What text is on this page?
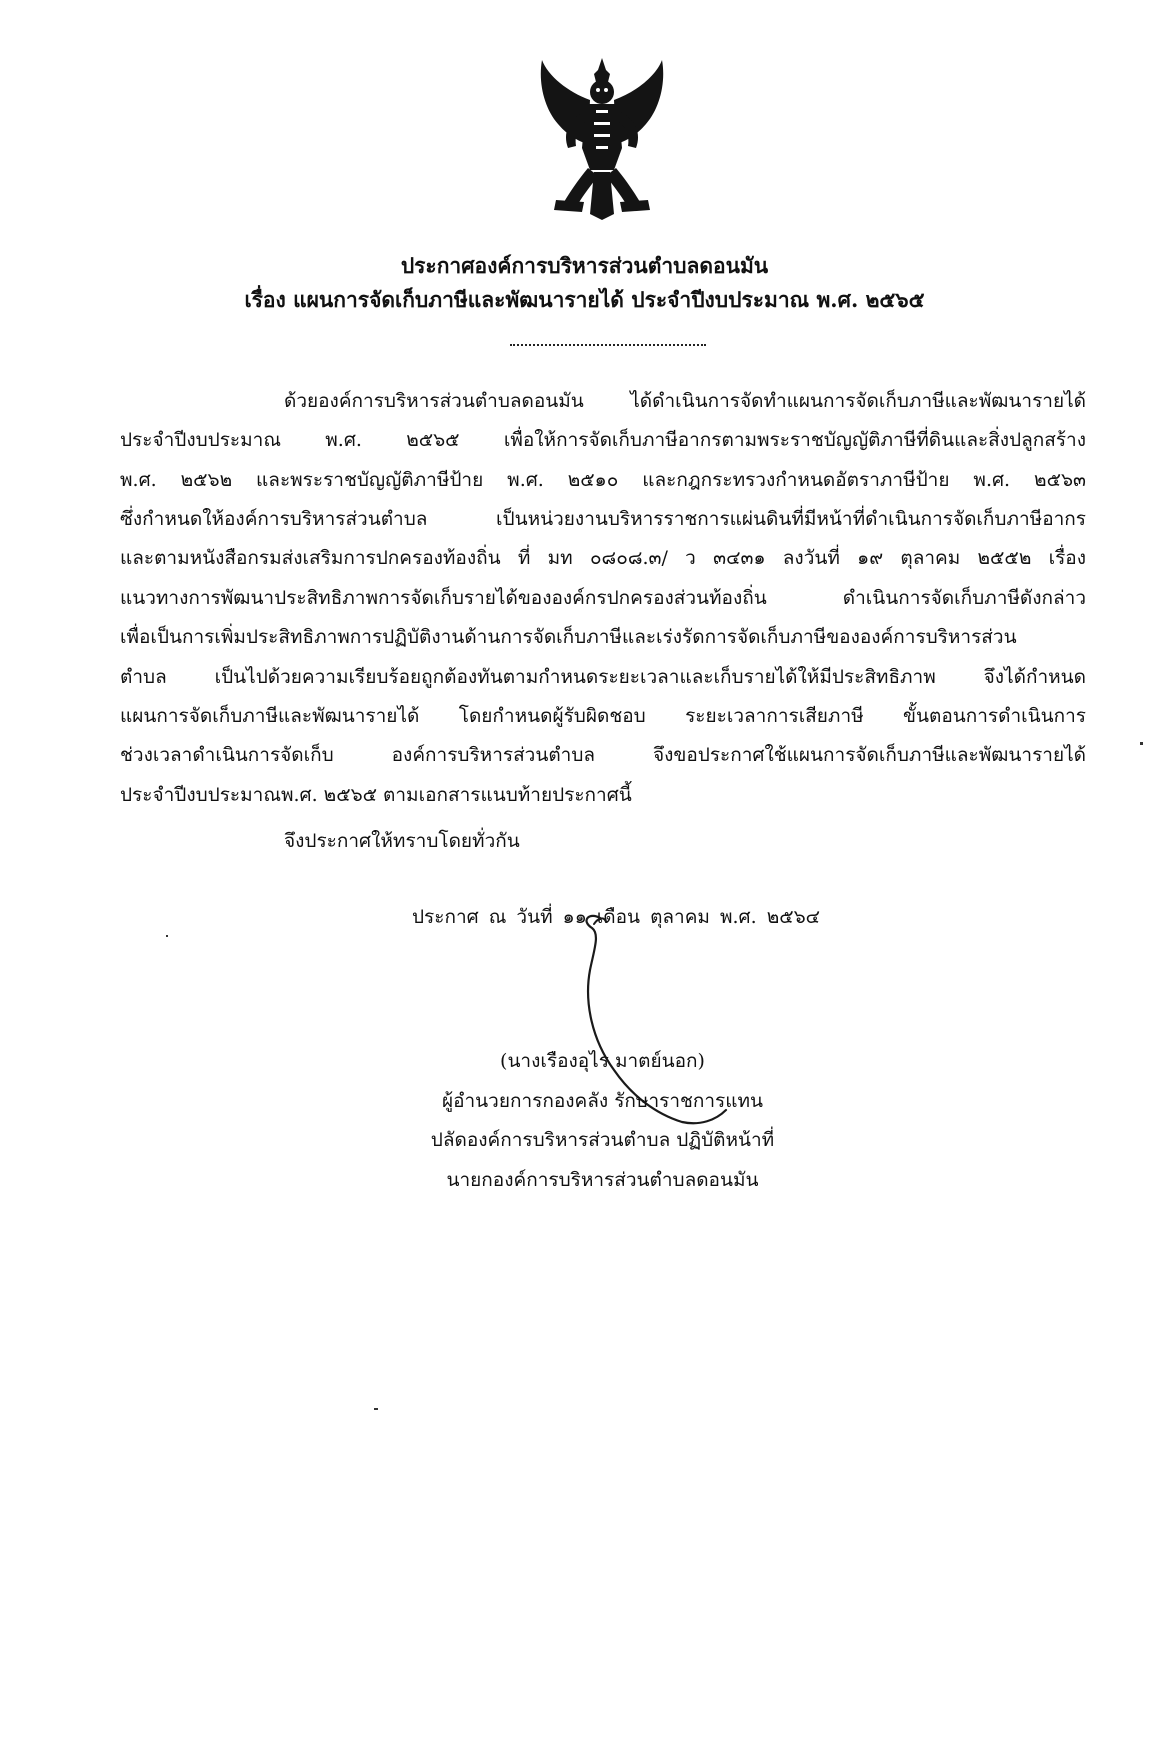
ประกาศองค์การบริหารส่วนตำบลดอนมัน
เรื่อง แผนการจัดเก็บภาษีและพัฒนารายได้ ประจำปีงบประมาณ พ.ศ. ๒๕๖๕
ด้วยองค์การบริหารส่วนตำบลดอนมัน ได้ดำเนินการจัดทำแผนการจัดเก็บภาษีและพัฒนารายได้
ประจำปีงบประมาณ พ.ศ. ๒๕๖๕ เพื่อให้การจัดเก็บภาษีอากรตามพระราชบัญญัติภาษีที่ดินและสิ่งปลูกสร้าง
พ.ศ. ๒๕๖๒ และพระราชบัญญัติภาษีป้าย พ.ศ. ๒๕๑๐ และกฎกระทรวงกำหนดอัตราภาษีป้าย พ.ศ. ๒๕๖๓
ซึ่งกำหนดให้องค์การบริหารส่วนตำบล เป็นหน่วยงานบริหารราชการแผ่นดินที่มีหน้าที่ดำเนินการจัดเก็บภาษีอากร
และตามหนังสือกรมส่งเสริมการปกครองท้องถิ่น ที่ มท ๐๘๐๘.๓/ ว ๓๔๓๑ ลงวันที่ ๑๙ ตุลาคม ๒๕๕๒ เรื่อง
แนวทางการพัฒนาประสิทธิภาพการจัดเก็บรายได้ขององค์กรปกครองส่วนท้องถิ่น ดำเนินการจัดเก็บภาษีดังกล่าว
เพื่อเป็นการเพิ่มประสิทธิภาพการปฏิบัติงานด้านการจัดเก็บภาษีและเร่งรัดการจัดเก็บภาษีขององค์การบริหารส่วน
ตำบล เป็นไปด้วยความเรียบร้อยถูกต้องทันตามกำหนดระยะเวลาและเก็บรายได้ให้มีประสิทธิภาพ จึงได้กำหนด
แผนการจัดเก็บภาษีและพัฒนารายได้ โดยกำหนดผู้รับผิดชอบ ระยะเวลาการเสียภาษี ขั้นตอนการดำเนินการ
ช่วงเวลาดำเนินการจัดเก็บ องค์การบริหารส่วนตำบล จึงขอประกาศใช้แผนการจัดเก็บภาษีและพัฒนารายได้
ประจำปีงบประมาณพ.ศ. ๒๕๖๕ ตามเอกสารแนบท้ายประกาศนี้
จึงประกาศให้ทราบโดยทั่วกัน
ประกาศ ณ วันที่ ๑๑ เดือน ตุลาคม พ.ศ. ๒๕๖๔
(นางเรืองอุไร มาตย์นอก)
ผู้อำนวยการกองคลัง รักษาราชการแทน
ปลัดองค์การบริหารส่วนตำบล ปฏิบัติหน้าที่
นายกองค์การบริหารส่วนตำบลดอนมัน
